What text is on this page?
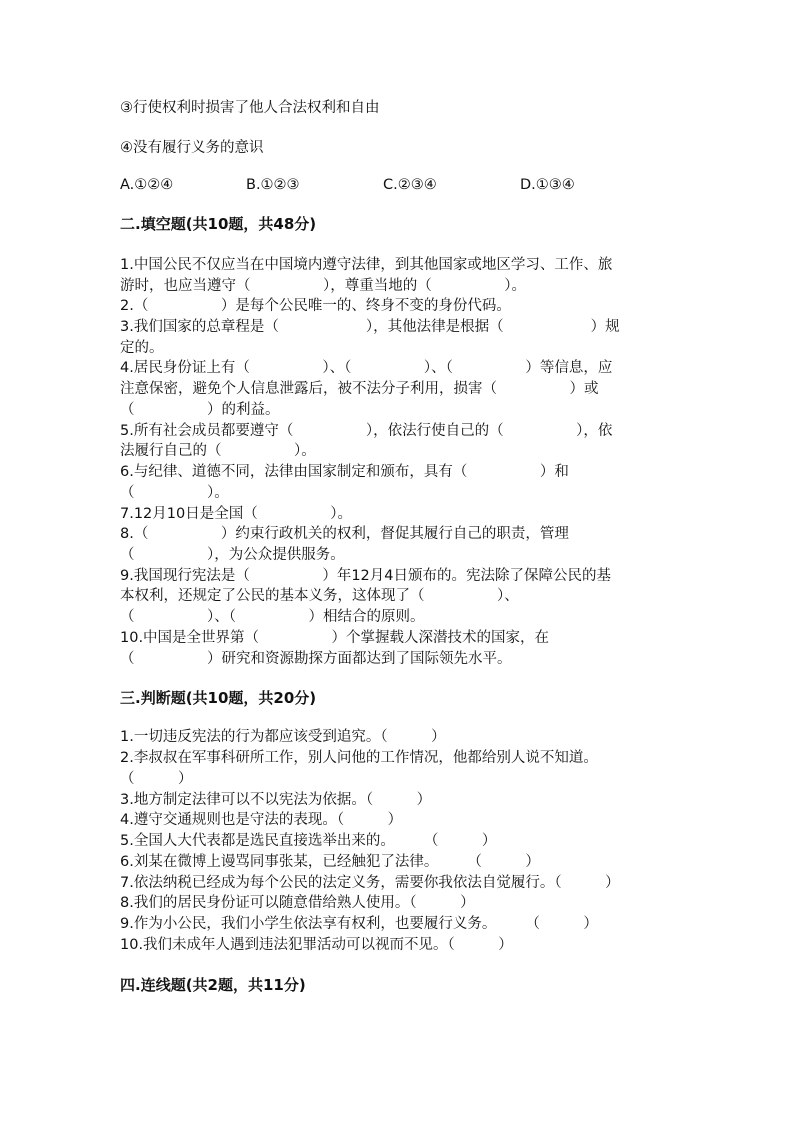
③行使权利时损害了他人合法权利和自由
④没有履行义务的意识
A.①②④	B.①②③	C.②③④	D.①③④
二.填空题(共10题，共48分)
1.中国公民不仅应当在中国境内遵守法律，到其他国家或地区学习、工作、旅
游时，也应当遵守（　　　　　），尊重当地的（　　　　　）。
2.（　　　　　）是每个公民唯一的、终身不变的身份代码。
3.我们国家的总章程是（　　　　　　），其他法律是根据（　　　　　　）规
定的。
4.居民身份证上有（　　　　　）、（　　　　　）、（　　　　　）等信息，应
注意保密，避免个人信息泄露后，被不法分子利用，损害（　　　　　）或
（　　　　　）的利益。
5.所有社会成员都要遵守（　　　　　），依法行使自己的（　　　　　），依
法履行自己的（　　　　　）。
6.与纪律、道德不同，法律由国家制定和颁布，具有（　　　　　）和
（　　　　　）。
7.12月10日是全国（　　　　　）。
8.（　　　　　）约束行政机关的权利，督促其履行自己的职责，管理
（　　　　　），为公众提供服务。
9.我国现行宪法是（　　　　　）年12月4日颁布的。宪法除了保障公民的基
本权利，还规定了公民的基本义务，这体现了（　　　　　）、
（　　　　　）、（　　　　　）相结合的原则。
10.中国是全世界第（　　　　　）个掌握载人深潜技术的国家，在
（　　　　　）研究和资源勘探方面都达到了国际领先水平。
三.判断题(共10题，共20分)
1.一切违反宪法的行为都应该受到追究。（　　　）
2.李叔叔在军事科研所工作，别人问他的工作情况，他都给别人说不知道。
（　　　）
3.地方制定法律可以不以宪法为依据。（　　　）
4.遵守交通规则也是守法的表现。（　　　）
5.全国人大代表都是选民直接选举出来的。　　　（　　　）
6.刘某在微博上谩骂同事张某，已经触犯了法律。　　　（　　　）
7.依法纳税已经成为每个公民的法定义务，需要你我依法自觉履行。（　　　）
8.我们的居民身份证可以随意借给熟人使用。（　　　）
9.作为小公民，我们小学生依法享有权利，也要履行义务。　　　（　　　）
10.我们未成年人遇到违法犯罪活动可以视而不见。（　　　）
四.连线题(共2题，共11分)
